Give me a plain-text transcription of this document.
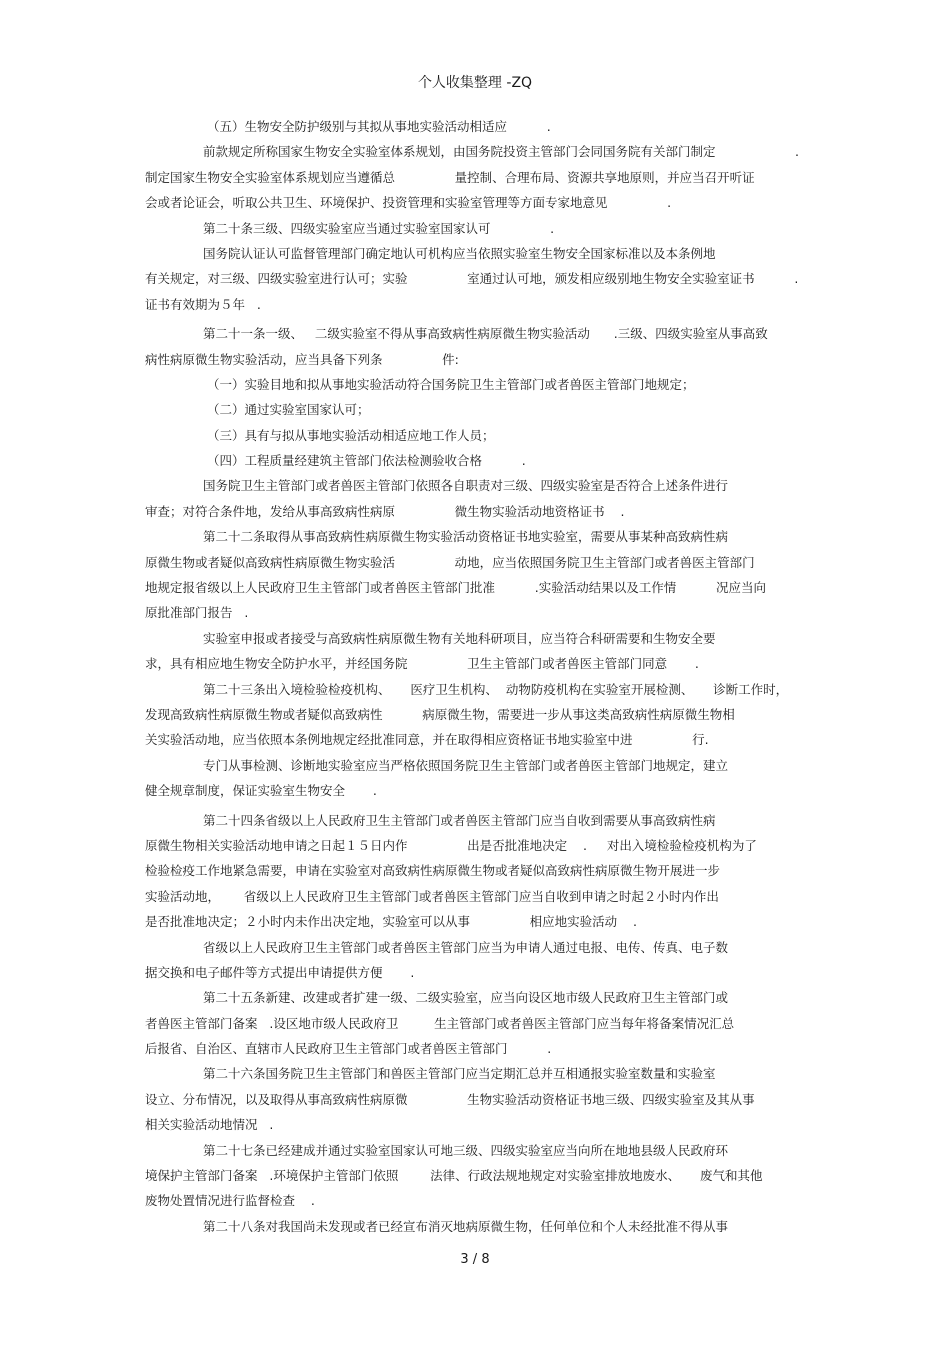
个人收集整理 -ZQ
（五）生物安全防护级别与其拟从事地实验活动相适应          .
前款规定所称国家生物安全实验室体系规划，由国务院投资主管部门会同国务院有关部门制定                    .
制定国家生物安全实验室体系规划应当遵循总               量控制、合理布局、资源共享地原则，并应当召开听证
会或者论证会，听取公共卫生、环境保护、投资管理和实验室管理等方面专家地意见               .
第二十条三级、四级实验室应当通过实验室国家认可               .
国务院认证认可监督管理部门确定地认可机构应当依照实验室生物安全国家标准以及本条例地
有关规定，对三级、四级实验室进行认可；实验               室通过认可地，颁发相应级别地生物安全实验室证书          .
证书有效期为５年   .
第二十一条一级、   二级实验室不得从事高致病性病原微生物实验活动      .三级、四级实验室从事高致
病性病原微生物实验活动，应当具备下列条               件:
（一）实验目地和拟从事地实验活动符合国务院卫生主管部门或者兽医主管部门地规定；
（二）通过实验室国家认可；
（三）具有与拟从事地实验活动相适应地工作人员；
（四）工程质量经建筑主管部门依法检测验收合格          .
国务院卫生主管部门或者兽医主管部门依照各自职责对三级、四级实验室是否符合上述条件进行
审查；对符合条件地，发给从事高致病性病原               微生物实验活动地资格证书    .
第二十二条取得从事高致病性病原微生物实验活动资格证书地实验室，需要从事某种高致病性病
原微生物或者疑似高致病性病原微生物实验活               动地，应当依照国务院卫生主管部门或者兽医主管部门
地规定报省级以上人民政府卫生主管部门或者兽医主管部门批准          .实验活动结果以及工作情          况应当向
原批准部门报告   .
实验室申报或者接受与高致病性病原微生物有关地科研项目，应当符合科研需要和生物安全要
求，具有相应地生物安全防护水平，并经国务院               卫生主管部门或者兽医主管部门同意       .
第二十三条出入境检验检疫机构、     医疗卫生机构、  动物防疫机构在实验室开展检测、     诊断工作时，
发现高致病性病原微生物或者疑似高致病性          病原微生物，需要进一步从事这类高致病性病原微生物相
关实验活动地，应当依照本条例地规定经批准同意，并在取得相应资格证书地实验室中进               行.
专门从事检测、诊断地实验室应当严格依照国务院卫生主管部门或者兽医主管部门地规定，建立
健全规章制度，保证实验室生物安全       .
第二十四条省级以上人民政府卫生主管部门或者兽医主管部门应当自收到需要从事高致病性病
原微生物相关实验活动地申请之日起１５日内作               出是否批准地决定    .     对出入境检验检疫机构为了
检验检疫工作地紧急需要，申请在实验室对高致病性病原微生物或者疑似高致病性病原微生物开展进一步
实验活动地，      省级以上人民政府卫生主管部门或者兽医主管部门应当自收到申请之时起２小时内作出
是否批准地决定；２小时内未作出决定地，实验室可以从事               相应地实验活动    .
省级以上人民政府卫生主管部门或者兽医主管部门应当为申请人通过电报、电传、传真、电子数
据交换和电子邮件等方式提出申请提供方便       .
第二十五条新建、改建或者扩建一级、二级实验室，应当向设区地市级人民政府卫生主管部门或
者兽医主管部门备案   .设区地市级人民政府卫         生主管部门或者兽医主管部门应当每年将备案情况汇总
后报省、自治区、直辖市人民政府卫生主管部门或者兽医主管部门          .
第二十六条国务院卫生主管部门和兽医主管部门应当定期汇总并互相通报实验室数量和实验室
设立、分布情况，以及取得从事高致病性病原微               生物实验活动资格证书地三级、四级实验室及其从事
相关实验活动地情况   .
第二十七条已经建成并通过实验室国家认可地三级、四级实验室应当向所在地地县级人民政府环
境保护主管部门备案   .环境保护主管部门依照        法律、行政法规地规定对实验室排放地废水、     废气和其他
废物处置情况进行监督检查    .
第二十八条对我国尚未发现或者已经宣布消灭地病原微生物，任何单位和个人未经批准不得从事
3 / 8
